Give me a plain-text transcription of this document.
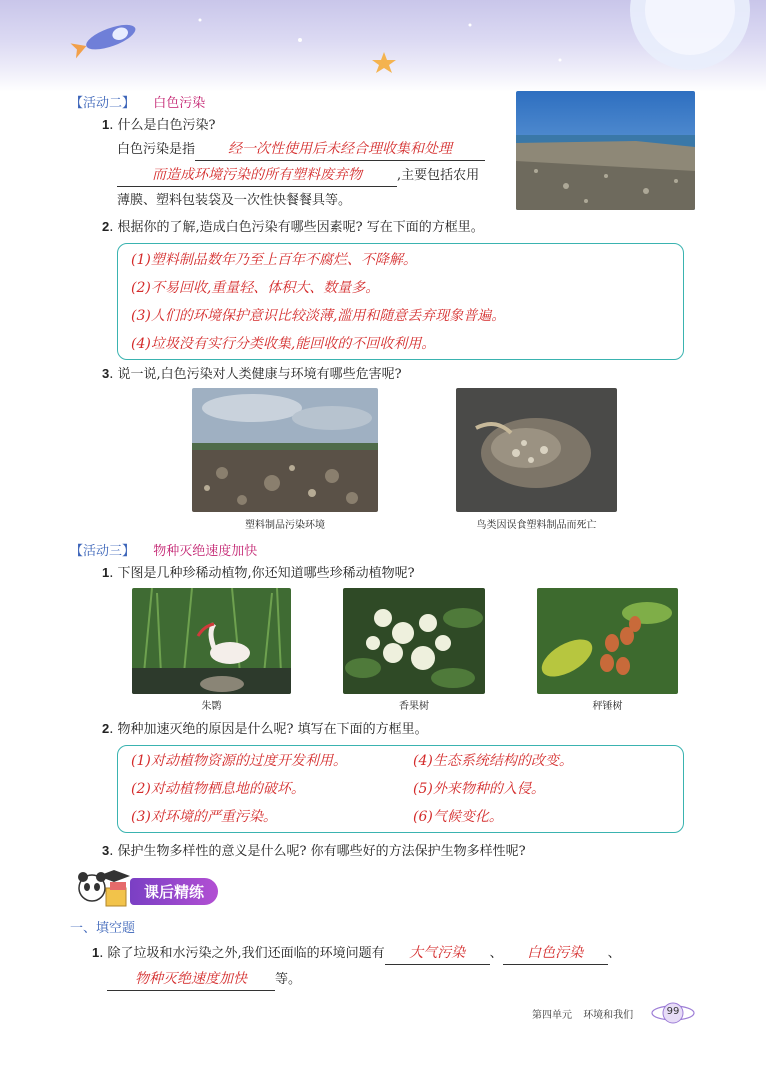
【活动二】 白色污染
1. 什么是白色污染?
白色污染是指 经一次性使用后未经合理收集和处理
而造成环境污染的所有塑料废弃物	,主要包括农用
薄膜、塑料包装袋及一次性快餐餐具等。
2. 根据你的了解,造成白色污染有哪些因素呢? 写在下面的方框里。
(1)塑料制品数年乃至上百年不腐烂、不降解。
(2)不易回收,重量轻、体积大、数量多。
(3)人们的环境保护意识比较淡薄,滥用和随意丢弃现象普遍。
(4)垃圾没有实行分类收集,能回收的不回收利用。
3. 说一说,白色污染对人类健康与环境有哪些危害呢?
塑料制品污染环境	鸟类因误食塑料制品而死亡
【活动三】 物种灭绝速度加快
1. 下图是几种珍稀动植物,你还知道哪些珍稀动植物呢?
朱鹮	香果树	秤锤树
2. 物种加速灭绝的原因是什么呢? 填写在下面的方框里。
(1)对动植物资源的过度开发利用。
(2)对动植物栖息地的破坏。
(3)对环境的严重污染。
(4)生态系统结构的改变。
(5)外来物种的入侵。
(6)气候变化。
3. 保护生物多样性的意义是什么呢? 你有哪些好的方法保护生物多样性呢?
课后精练
一、填空题
1. 除了垃圾和水污染之外,我们还面临的环境问题有 大气污染 、 白色污染 、
物种灭绝速度加快 等。
第四单元 环境和我们	99
